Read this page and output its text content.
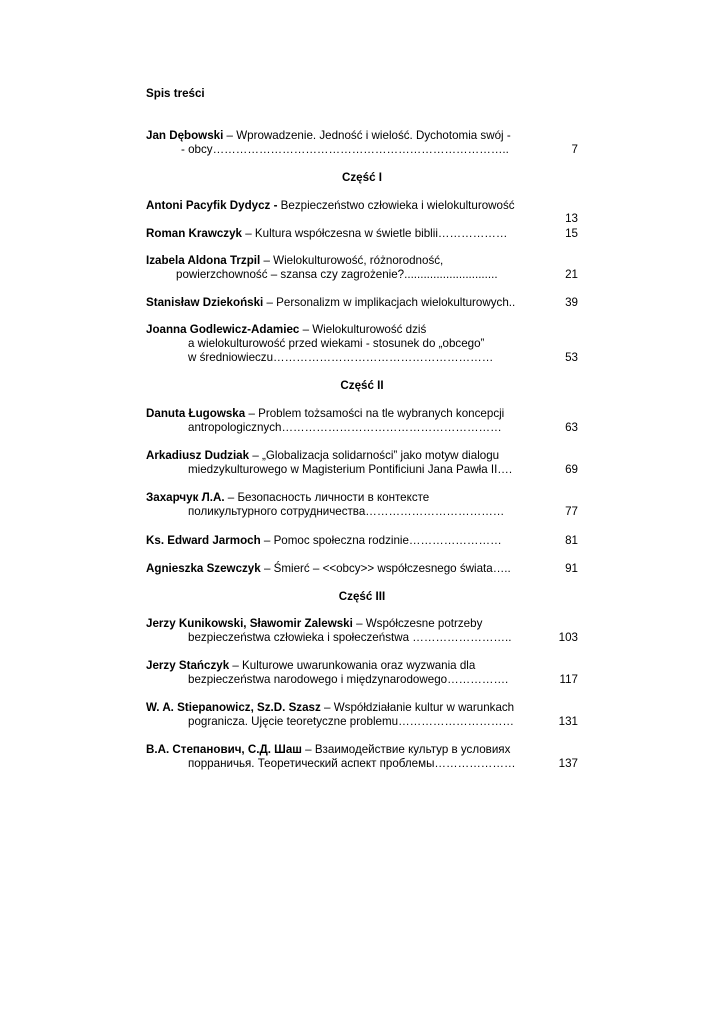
Spis treści
Jan Dębowski – Wprowadzenie. Jedność i wielość. Dychotomia swój -
- obcy…………………………………………………………………..	7
Część I
Antoni Pacyfik Dydycz - Bezpieczeństwo człowieka i wielokulturowość
13
Roman Krawczyk – Kultura współczesna w świetle biblii………………	15
Izabela Aldona Trzpil – Wielokulturowość, różnorodność,
powierzchowność – szansa czy zagrożenie?.............................	21
Stanisław Dziekoński – Personalizm w implikacjach wielokulturowych..	39
Joanna Godlewicz-Adamiec – Wielokulturowość dziś
a wielokulturowość przed wiekami - stosunek do „obcego”
w średniowieczu…………………………………………………	53
Część II
Danuta Ługowska – Problem tożsamości na tle wybranych koncepcji
antropologicznych…………………………………………………	63
Arkadiusz Dudziak – „Globalizacja solidarności” jako motyw dialogu
miedzykulturowego w Magisterium Pontificiuni Jana Pawła II….	69
Захарчук Л.А. – Безопасность личности в контексте
поликультурного сотрудничества………………………………	77
Ks. Edward Jarmoch – Pomoc społeczna rodzinie……………………	81
Agnieszka Szewczyk – Śmierć – <<obcy>> współczesnego świata…..	91
Część III
Jerzy Kunikowski, Sławomir Zalewski – Współczesne potrzeby
bezpieczeństwa człowieka i społeczeństwa ……………………..	103
Jerzy Stańczyk – Kulturowe uwarunkowania oraz wyzwania dla
bezpieczeństwa narodowego i międzynarodowego…………….	117
W. A. Stiepanowicz, Sz.D. Szasz – Współdziałanie kultur w warunkach
pogranicza. Ujęcie teoretyczne problemu…………………………	131
В.А. Степанович, С.Д. Шаш – Взаимодействие культур в условиях
порраничья. Теоретический аспект проблемы…………………	137
